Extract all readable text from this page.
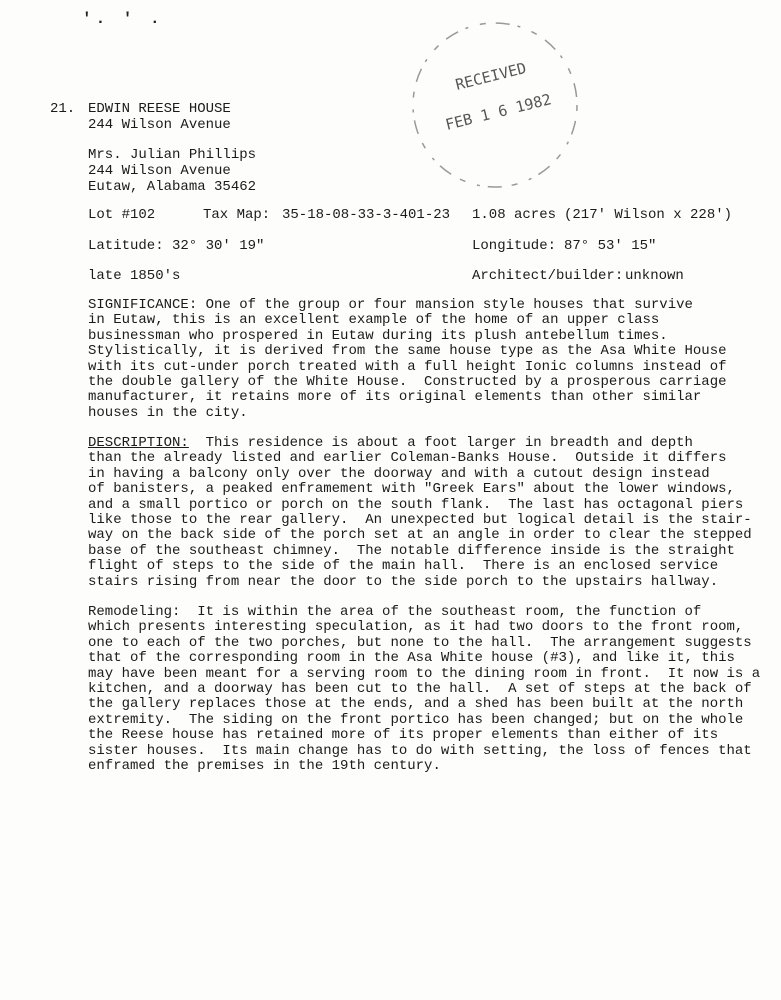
'. ' .
RECEIVED
FEB 1 6 1982
21. EDWIN REESE HOUSE
244 Wilson Avenue
Mrs. Julian Phillips
244 Wilson Avenue
Eutaw, Alabama 35462
Lot #102	Tax Map: 35-18-08-33-3-401-23 1.08 acres (217' Wilson x 228')
Latitude: 32° 30' 19"	Longitude: 87° 53' 15"
late 1850's	Architect/builder: unknown
SIGNIFICANCE: One of the group or four mansion style houses that survive
in Eutaw, this is an excellent example of the home of an upper class
businessman who prospered in Eutaw during its plush antebellum times.
Stylistically, it is derived from the same house type as the Asa White House
with its cut-under porch treated with a full height Ionic columns instead of
the double gallery of the White House.  Constructed by a prosperous carriage
manufacturer, it retains more of its original elements than other similar
houses in the city.
DESCRIPTION:  This residence is about a foot larger in breadth and depth
than the already listed and earlier Coleman-Banks House.  Outside it differs
in having a balcony only over the doorway and with a cutout design instead
of banisters, a peaked enframement with "Greek Ears" about the lower windows,
and a small portico or porch on the south flank.  The last has octagonal piers
like those to the rear gallery.  An unexpected but logical detail is the stair-
way on the back side of the porch set at an angle in order to clear the stepped
base of the southeast chimney.  The notable difference inside is the straight
flight of steps to the side of the main hall.  There is an enclosed service
stairs rising from near the door to the side porch to the upstairs hallway.
Remodeling:  It is within the area of the southeast room, the function of
which presents interesting speculation, as it had two doors to the front room,
one to each of the two porches, but none to the hall.  The arrangement suggests
that of the corresponding room in the Asa White house (#3), and like it, this
may have been meant for a serving room to the dining room in front.  It now is a
kitchen, and a doorway has been cut to the hall.  A set of steps at the back of
the gallery replaces those at the ends, and a shed has been built at the north
extremity.  The siding on the front portico has been changed; but on the whole
the Reese house has retained more of its proper elements than either of its
sister houses.  Its main change has to do with setting, the loss of fences that
enframed the premises in the 19th century.
